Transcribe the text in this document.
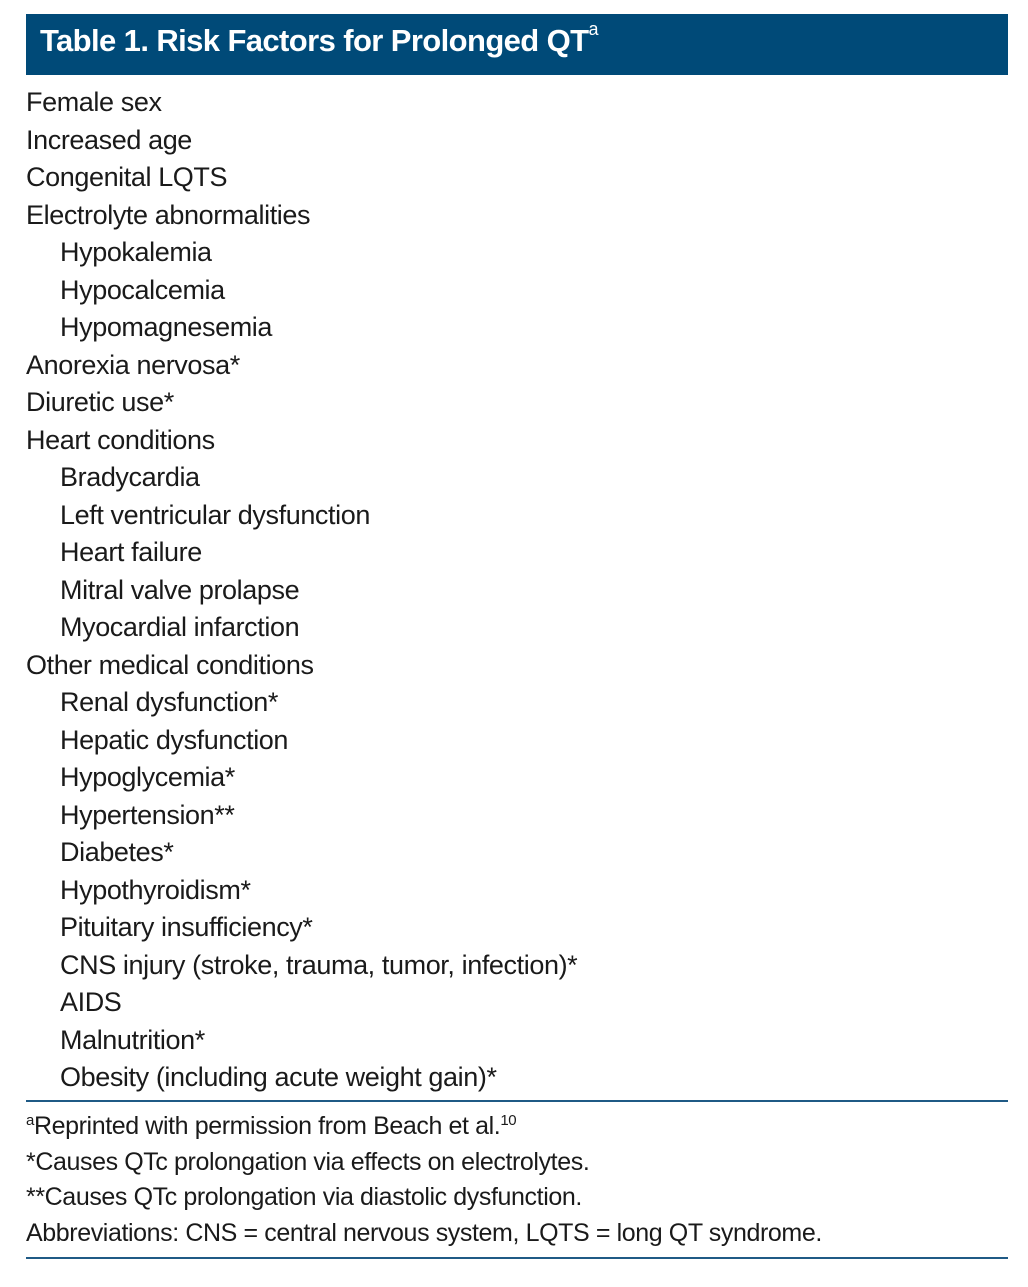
Table 1. Risk Factors for Prolonged $QT^a$
Female sex
Increased age
Congenital LQTS
Electrolyte abnormalities
Hypokalemia
Hypocalcemia
Hypomagnesemia
Anorexia nervosa*
Diuretic use*
Heart conditions
Bradycardia
Left ventricular dysfunction
Heart failure
Mitral valve prolapse
Myocardial infarction
Other medical conditions
Renal dysfunction*
Hepatic dysfunction
Hypoglycemia*
Hypertension**
Diabetes*
Hypothyroidism*
Pituitary insufficiency*
CNS injury (stroke, trauma, tumor, infection)*
AIDS
Malnutrition*
Obesity (including acute weight gain)*
$^a$Reprinted with permission from Beach et al.$^{10}$
*Causes QTc prolongation via effects on electrolytes.
**Causes QTc prolongation via diastolic dysfunction.
Abbreviations: CNS = central nervous system, LQTS = long QT syndrome.
